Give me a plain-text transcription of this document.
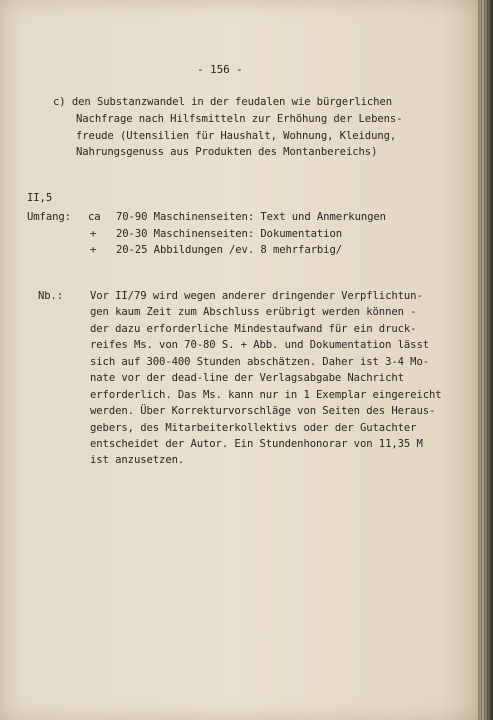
- 156 -
c) den Substanzwandel in der feudalen wie bürgerlichen
Nachfrage nach Hilfsmitteln zur Erhöhung der Lebens-
freude (Utensilien für Haushalt, Wohnung, Kleidung,
Nahrungsgenuss aus Produkten des Montanbereichs)
II,5
Umfang: ca 70-90 Maschinenseiten: Text und Anmerkungen
+ 20-30 Maschinenseiten: Dokumentation
+ 20-25 Abbildungen /ev. 8 mehrfarbig/
Nb.:	Vor II/79 wird wegen anderer dringender Verpflichtun-
gen kaum Zeit zum Abschluss erübrigt werden können -
der dazu erforderliche Mindestaufwand für ein druck-
reifes Ms. von 70-80 S. + Abb. und Dokumentation lässt
sich auf 300-400 Stunden abschätzen. Daher ist 3-4 Mo-
nate vor der dead-line der Verlagsabgabe Nachricht
erforderlich. Das Ms. kann nur in 1 Exemplar eingereicht
werden. Über Korrekturvorschläge von Seiten des Heraus-
gebers, des Mitarbeiterkollektivs oder der Gutachter
entscheidet der Autor. Ein Stundenhonorar von 11,35 M
ist anzusetzen.
